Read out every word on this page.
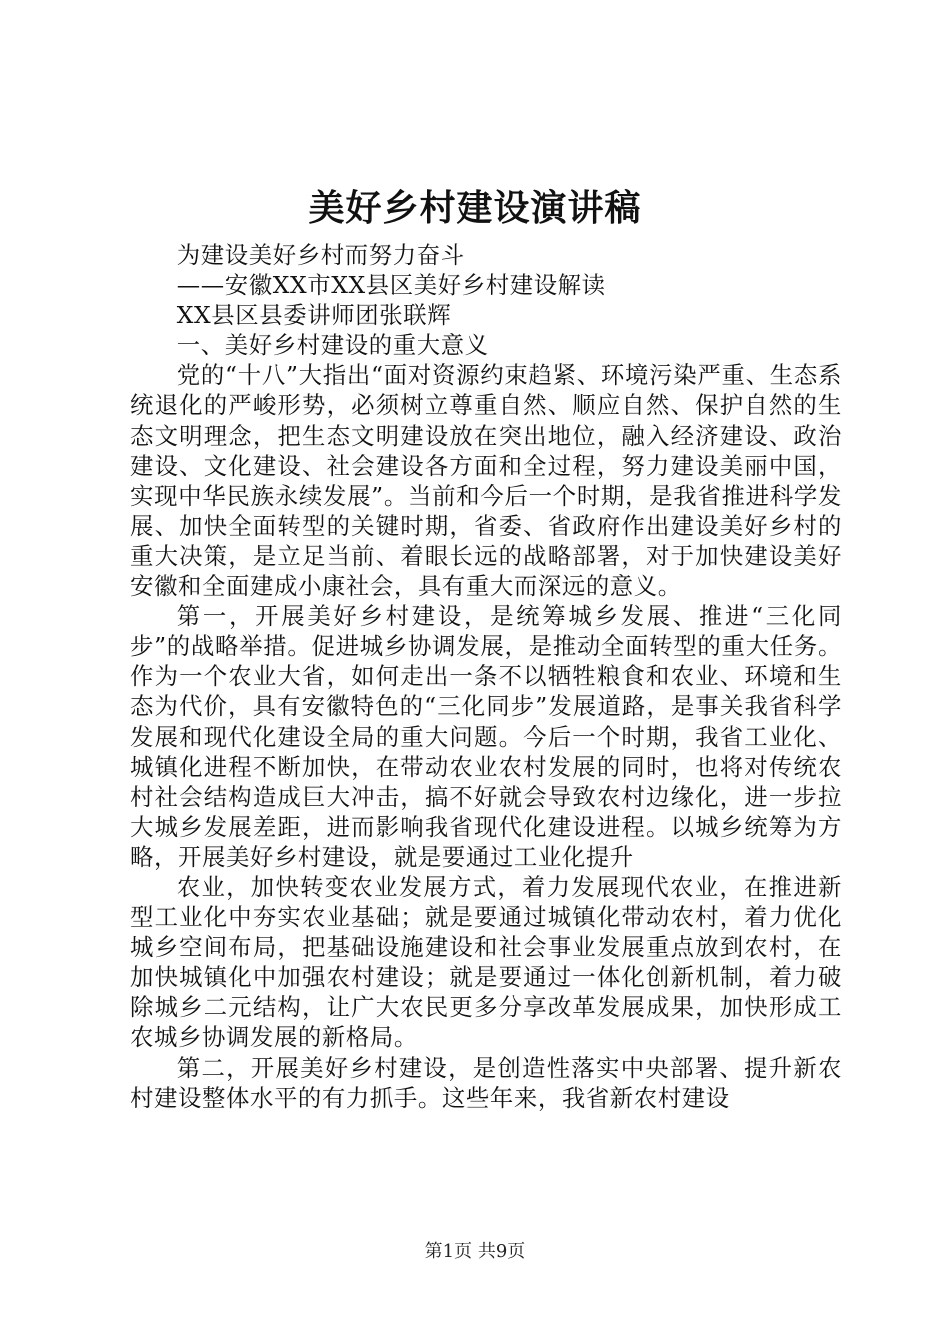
美好乡村建设演讲稿

为建设美好乡村而努力奋斗

——安徽XX市XX县区美好乡村建设解读

XX县区县委讲师团张联辉

一、美好乡村建设的重大意义

党的“十八”大指出“面对资源约束趋紧、环境污染严重、生态系统退化的严峻形势，必须树立尊重自然、顺应自然、保护自然的生态文明理念，把生态文明建设放在突出地位，融入经济建设、政治建设、文化建设、社会建设各方面和全过程，努力建设美丽中国，实现中华民族永续发展”。当前和今后一个时期，是我省推进科学发展、加快全面转型的关键时期，省委、省政府作出建设美好乡村的重大决策，是立足当前、着眼长远的战略部署，对于加快建设美好安徽和全面建成小康社会，具有重大而深远的意义。

第一，开展美好乡村建设，是统筹城乡发展、推进“三化同步”的战略举措。促进城乡协调发展，是推动全面转型的重大任务。作为一个农业大省，如何走出一条不以牺牲粮食和农业、环境和生态为代价，具有安徽特色的“三化同步”发展道路，是事关我省科学发展和现代化建设全局的重大问题。今后一个时期，我省工业化、城镇化进程不断加快，在带动农业农村发展的同时，也将对传统农村社会结构造成巨大冲击，搞不好就会导致农村边缘化，进一步拉大城乡发展差距，进而影响我省现代化建设进程。以城乡统筹为方略，开展美好乡村建设，就是要通过工业化提升

农业，加快转变农业发展方式，着力发展现代农业，在推进新型工业化中夯实农业基础；就是要通过城镇化带动农村，着力优化城乡空间布局，把基础设施建设和社会事业发展重点放到农村，在加快城镇化中加强农村建设；就是要通过一体化创新机制，着力破除城乡二元结构，让广大农民更多分享改革发展成果，加快形成工农城乡协调发展的新格局。

第二，开展美好乡村建设，是创造性落实中央部署、提升新农村建设整体水平的有力抓手。这些年来，我省新农村建设

第1页 共9页
